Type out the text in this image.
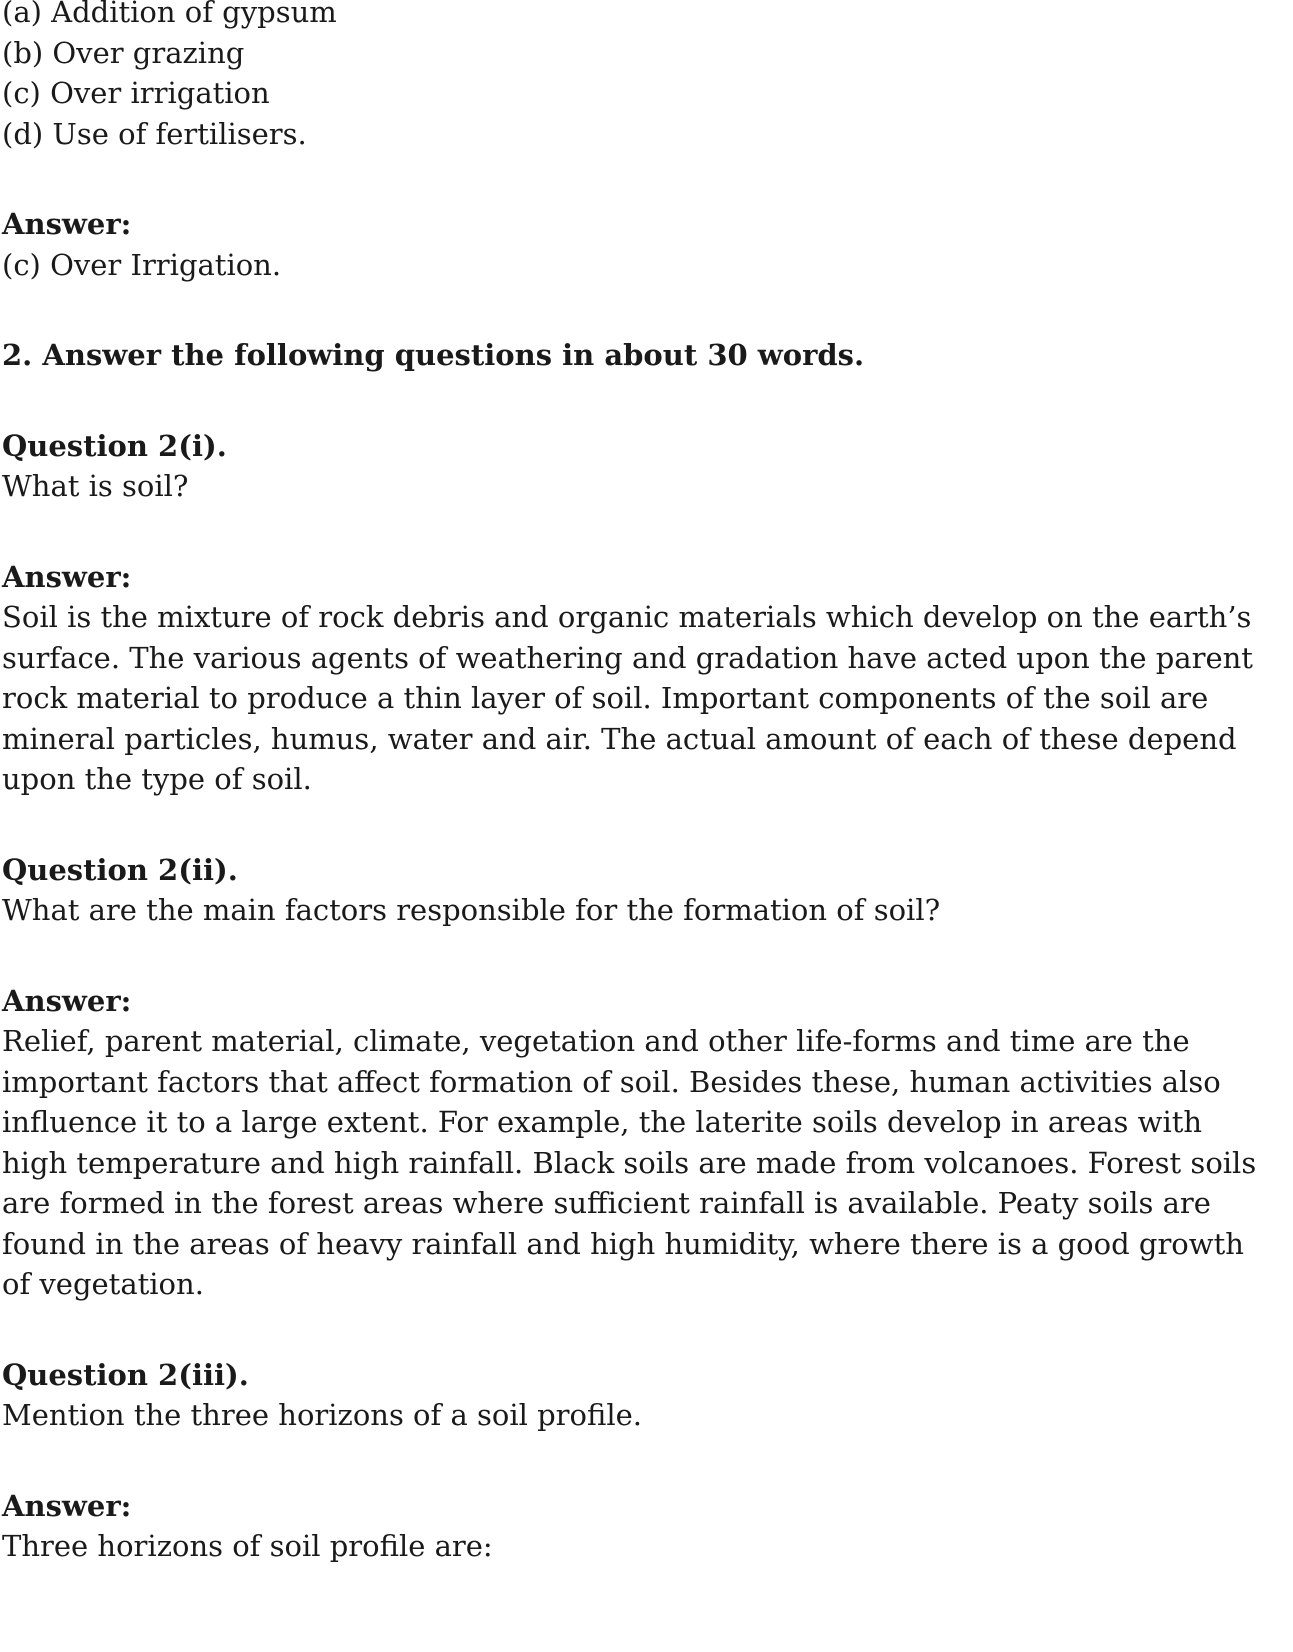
(a) Addition of gypsum

(b) Over grazing

(c) Over irrigation

(d) Use of fertilisers.

Answer:

(c) Over Irrigation.

2. Answer the following questions in about 30 words.

Question 2(i).

What is soil?

Answer:

Soil is the mixture of rock debris and organic materials which develop on the earth’s

surface. The various agents of weathering and gradation have acted upon the parent

rock material to produce a thin layer of soil. Important components of the soil are

mineral particles, humus, water and air. The actual amount of each of these depend

upon the type of soil.

Question 2(ii).

What are the main factors responsible for the formation of soil?

Answer:

Relief, parent material, climate, vegetation and other life-forms and time are the

important factors that affect formation of soil. Besides these, human activities also

influence it to a large extent. For example, the laterite soils develop in areas with

high temperature and high rainfall. Black soils are made from volcanoes. Forest soils

are formed in the forest areas where sufficient rainfall is available. Peaty soils are

found in the areas of heavy rainfall and high humidity, where there is a good growth

of vegetation.

Question 2(iii).

Mention the three horizons of a soil profile.

Answer:

Three horizons of soil profile are:
